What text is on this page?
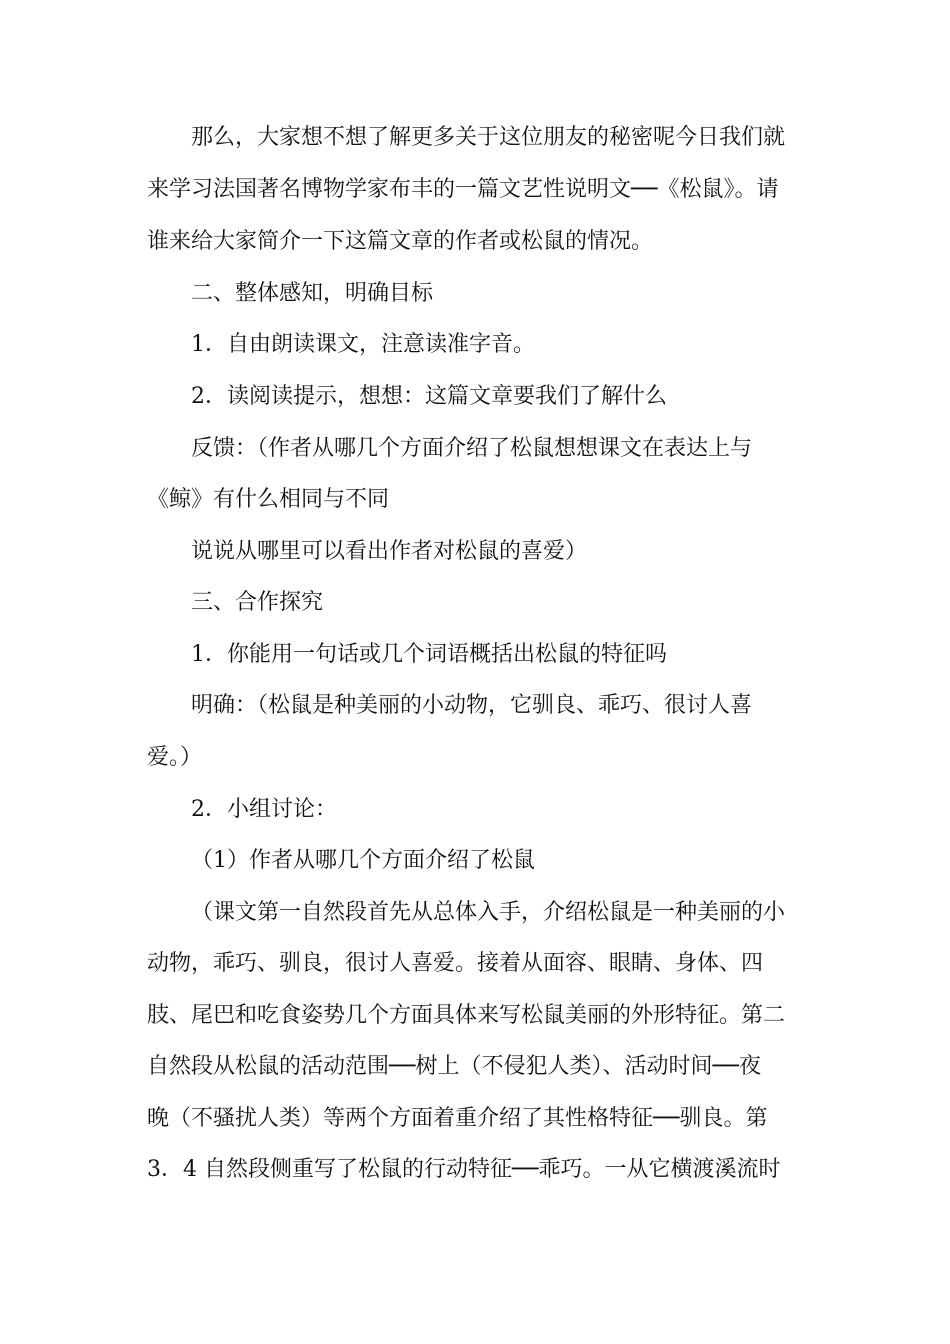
那么，大家想不想了解更多关于这位朋友的秘密呢今日我们就
来学习法国著名博物学家布丰的一篇文艺性说明文──《松鼠》。请
谁来给大家简介一下这篇文章的作者或松鼠的情况。
二、整体感知，明确目标
1．自由朗读课文，注意读准字音。
2．读阅读提示，想想：这篇文章要我们了解什么
反馈：（作者从哪几个方面介绍了松鼠想想课文在表达上与
《鲸》有什么相同与不同
说说从哪里可以看出作者对松鼠的喜爱）
三、合作探究
1．你能用一句话或几个词语概括出松鼠的特征吗
明确：（松鼠是种美丽的小动物，它驯良、乖巧、很讨人喜
爱。）
2．小组讨论：
（1）作者从哪几个方面介绍了松鼠
（课文第一自然段首先从总体入手，介绍松鼠是一种美丽的小
动物，乖巧、驯良，很讨人喜爱。接着从面容、眼睛、身体、四
肢、尾巴和吃食姿势几个方面具体来写松鼠美丽的外形特征。第二
自然段从松鼠的活动范围──树上（不侵犯人类）、活动时间──夜
晚（不骚扰人类）等两个方面着重介绍了其性格特征──驯良。第
3．4 自然段侧重写了松鼠的行动特征──乖巧。一从它横渡溪流时
